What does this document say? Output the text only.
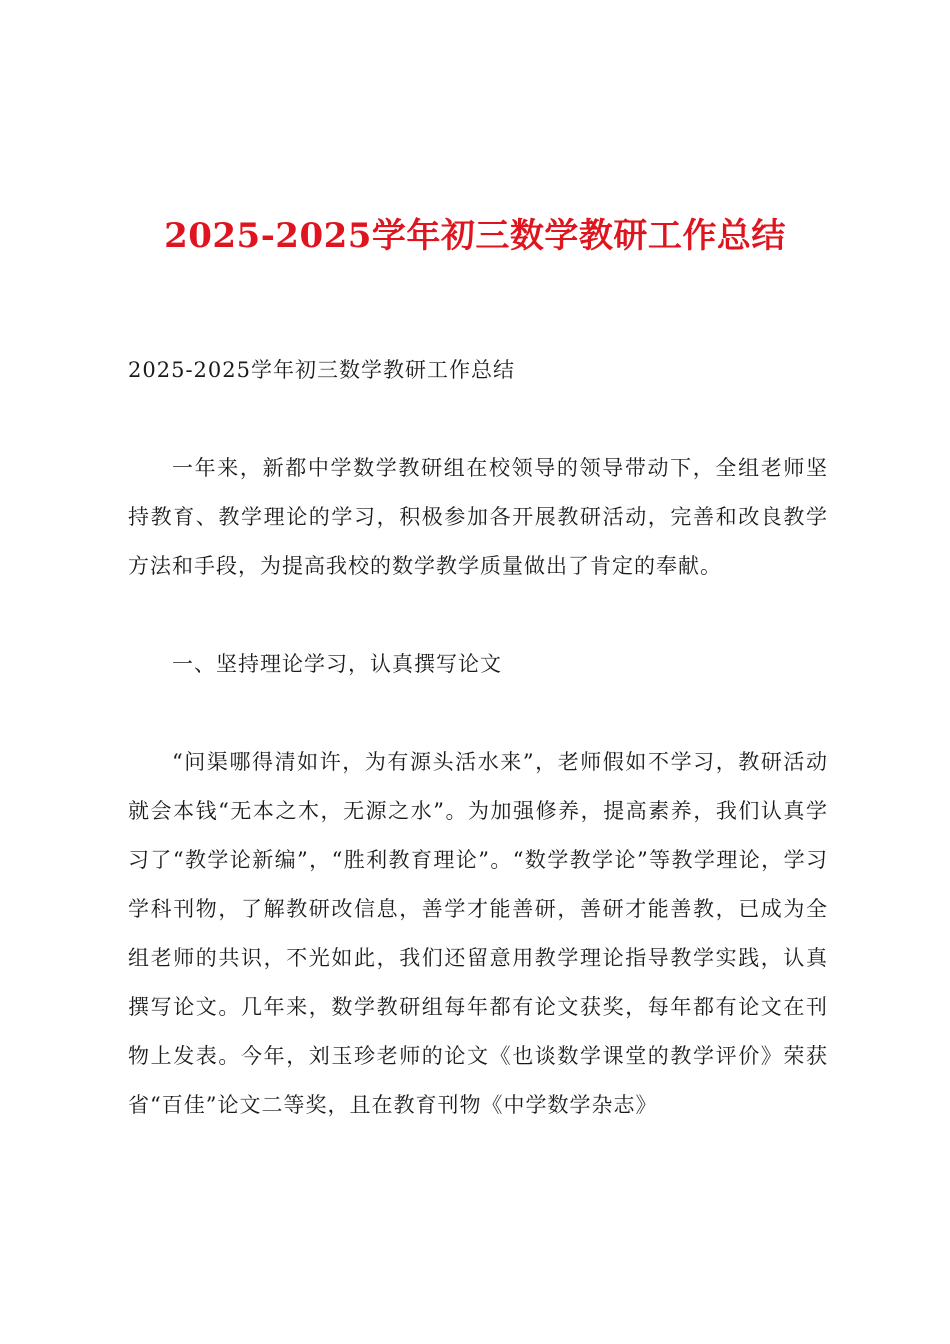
2025-2025学年初三数学教研工作总结

2025-2025学年初三数学教研工作总结

一年来，新都中学数学教研组在校领导的领导带动下，全组老师坚持教育、教学理论的学习，积极参加各开展教研活动，完善和改良教学方法和手段，为提高我校的数学教学质量做出了肯定的奉献。

一、坚持理论学习，认真撰写论文

“问渠哪得清如许，为有源头活水来”，老师假如不学习，教研活动就会本钱“无本之木，无源之水”。为加强修养，提高素养，我们认真学习了“教学论新编”，“胜利教育理论”。“数学教学论”等教学理论，学习学科刊物，了解教研改信息，善学才能善研，善研才能善教，已成为全组老师的共识，不光如此，我们还留意用教学理论指导教学实践，认真撰写论文。几年来，数学教研组每年都有论文获奖，每年都有论文在刊物上发表。今年，刘玉珍老师的论文《也谈数学课堂的教学评价》荣获省“百佳”论文二等奖，且在教育刊物《中学数学杂志》
